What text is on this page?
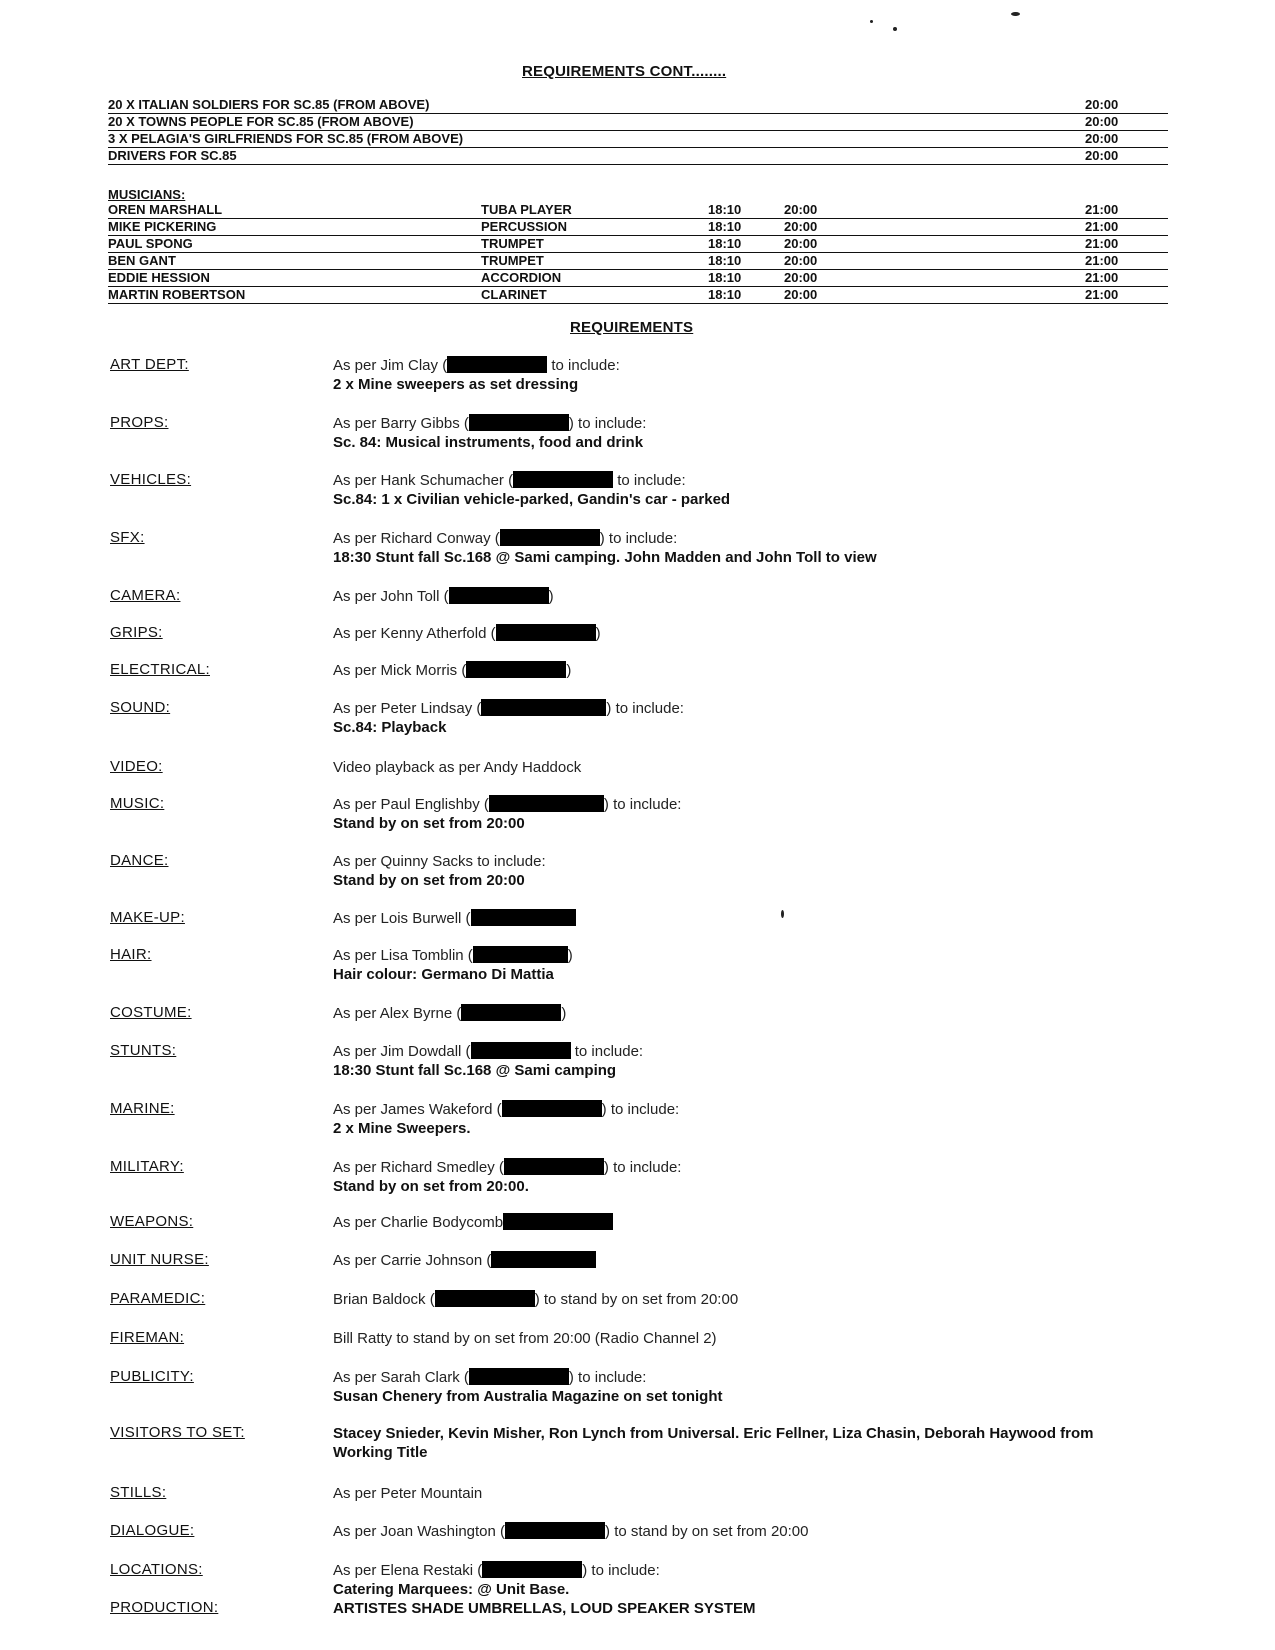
REQUIREMENTS CONT........
20 X ITALIAN SOLDIERS FOR SC.85 (FROM ABOVE)	20:00
20 X TOWNS PEOPLE FOR SC.85 (FROM ABOVE)	20:00
3 X PELAGIA'S GIRLFRIENDS FOR SC.85 (FROM ABOVE)	20:00
DRIVERS FOR SC.85	20:00
MUSICIANS:
OREN MARSHALL	TUBA PLAYER	18:10	20:00	21:00
MIKE PICKERING	PERCUSSION	18:10	20:00	21:00
PAUL SPONG	TRUMPET	18:10	20:00	21:00
BEN GANT	TRUMPET	18:10	20:00	21:00
EDDIE HESSION	ACCORDION	18:10	20:00	21:00
MARTIN ROBERTSON	CLARINET	18:10	20:00	21:00
REQUIREMENTS
ART DEPT:	As per Jim Clay (	to include:
2 x Mine sweepers as set dressing
PROPS:	As per Barry Gibbs (	) to include:
Sc. 84: Musical instruments, food and drink
VEHICLES:	As per Hank Schumacher (	to include:
Sc.84: 1 x Civilian vehicle-parked, Gandin's car - parked
SFX:	As per Richard Conway (	) to include:
18:30 Stunt fall Sc.168 @ Sami camping. John Madden and John Toll to view
CAMERA:	As per John Toll (	)
GRIPS:	As per Kenny Atherfold (	)
ELECTRICAL:	As per Mick Morris (	)
SOUND:	As per Peter Lindsay (	) to include:
Sc.84: Playback
VIDEO:	Video playback as per Andy Haddock
MUSIC:	As per Paul Englishby (	) to include:
Stand by on set from 20:00
DANCE:	As per Quinny Sacks to include:
Stand by on set from 20:00
MAKE-UP:	As per Lois Burwell (
HAIR:	As per Lisa Tomblin (	)
Hair colour: Germano Di Mattia
COSTUME:	As per Alex Byrne (	)
STUNTS:	As per Jim Dowdall (	to include:
18:30 Stunt fall Sc.168 @ Sami camping
MARINE:	As per James Wakeford (	) to include:
2 x Mine Sweepers.
MILITARY:	As per Richard Smedley (	) to include:
Stand by on set from 20:00.
WEAPONS:	As per Charlie Bodycomb
UNIT NURSE:	As per Carrie Johnson (
PARAMEDIC:	Brian Baldock (	) to stand by on set from 20:00
FIREMAN:	Bill Ratty to stand by on set from 20:00 (Radio Channel 2)
PUBLICITY:	As per Sarah Clark (	) to include:
Susan Chenery from Australia Magazine on set tonight
VISITORS TO SET:	Stacey Snieder, Kevin Misher, Ron Lynch from Universal. Eric Fellner, Liza Chasin, Deborah Haywood from Working Title
STILLS:	As per Peter Mountain
DIALOGUE:	As per Joan Washington (	) to stand by on set from 20:00
LOCATIONS:	As per Elena Restaki (	) to include:
Catering Marquees: @ Unit Base.
PRODUCTION:	ARTISTES SHADE UMBRELLAS, LOUD SPEAKER SYSTEM
